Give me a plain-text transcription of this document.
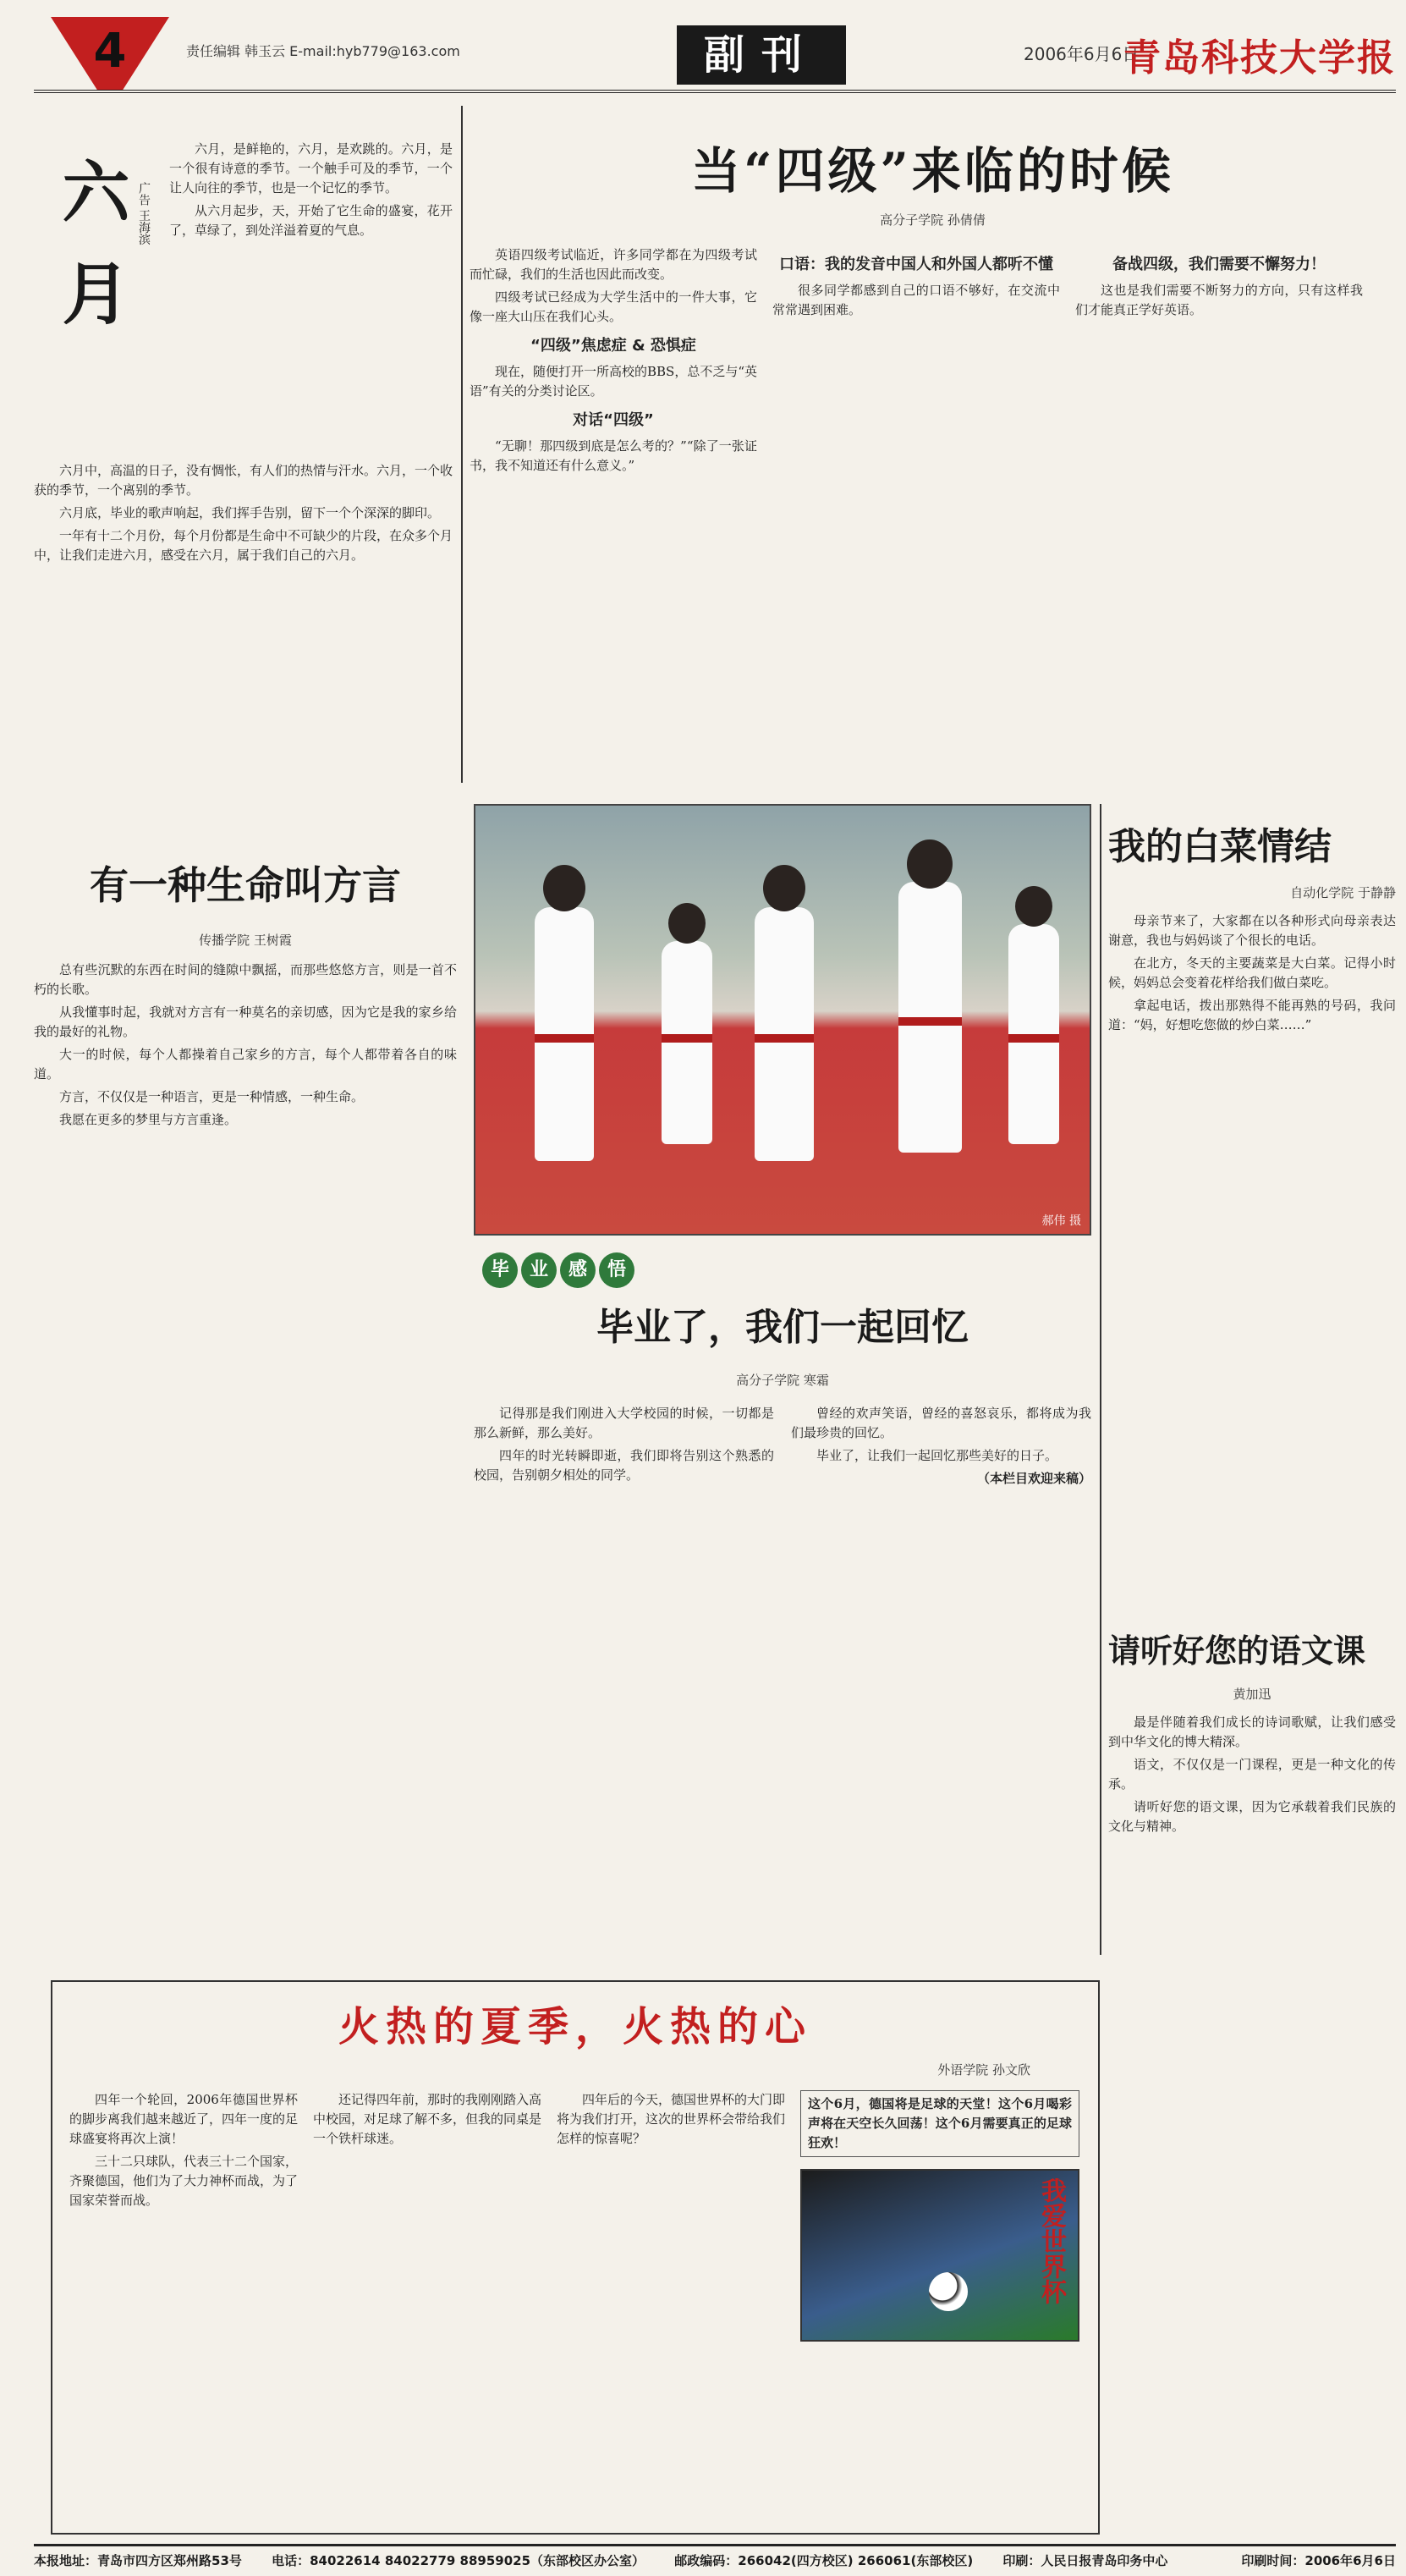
4	责任编辑 韩玉云 E-mail:hyb779@163.com	副刊	2006年6月6日
青岛科技大学报
六月 广告 王海滨

六月，是鲜艳的，六月，是欢跳的。六月，是一个很有诗意的季节。一个触手可及的季节，一个让人向往的季节，也是一个记忆的季节。

从六月起步，天，开始了它生命的盛宴，花开了，草绿了，到处洋溢着夏的气息。

六月中，高温的日子，没有惆怅，有人们的热情与汗水。六月，一个收获的季节，一个离别的季节。

六月底，毕业的歌声响起，我们挥手告别，留下一个个深深的脚印。

一年有十二个月份，每个月份都是生命中不可缺少的片段，在众多个月中，让我们走进六月，感受在六月，属于我们自己的六月。

当“四级”来临的时候
高分子学院 孙倩倩

英语四级考试临近，许多同学都在为四级考试而忙碌，我们的生活也因此而改变。

四级考试已经成为大学生活中的一件大事，它像一座大山压在我们心头。

“四级”焦虑症 & 恐惧症

现在，随便打开一所高校的BBS，总不乏与“英语”有关的分类讨论区。

对话“四级”

“无聊！那四级到底是怎么考的？”“除了一张证书，我不知道还有什么意义。”

口语：我的发音中国人和外国人都听不懂

很多同学都感到自己的口语不够好，在交流中常常遇到困难。

备战四级，我们需要不懈努力！

这也是我们需要不断努力的方向，只有这样我们才能真正学好英语。

有一种生命叫方言
传播学院 王树霞

总有些沉默的东西在时间的缝隙中飘摇，而那些悠悠方言，则是一首不朽的长歌。

从我懂事时起，我就对方言有一种莫名的亲切感，因为它是我的家乡给我的最好的礼物。

大一的时候，每个人都操着自己家乡的方言，每个人都带着各自的味道。

方言，不仅仅是一种语言，更是一种情感，一种生命。

我愿在更多的梦里与方言重逢。

郝伟 摄
毕 业 感 悟
毕业了，我们一起回忆
高分子学院 寒霜

记得那是我们刚进入大学校园的时候，一切都是那么新鲜，那么美好。

四年的时光转瞬即逝，我们即将告别这个熟悉的校园，告别朝夕相处的同学。

曾经的欢声笑语，曾经的喜怒哀乐，都将成为我们最珍贵的回忆。

毕业了，让我们一起回忆那些美好的日子。

（本栏目欢迎来稿）

我的白菜情结
自动化学院 于静静

母亲节来了，大家都在以各种形式向母亲表达谢意，我也与妈妈谈了个很长的电话。

在北方，冬天的主要蔬菜是大白菜。记得小时候，妈妈总会变着花样给我们做白菜吃。

拿起电话，拨出那熟得不能再熟的号码，我问道：“妈，好想吃您做的炒白菜……”

请听好您的语文课
黄加迅

最是伴随着我们成长的诗词歌赋，让我们感受到中华文化的博大精深。

语文，不仅仅是一门课程，更是一种文化的传承。

请听好您的语文课，因为它承载着我们民族的文化与精神。

火热的夏季，火热的心
外语学院 孙文欣

四年一个轮回，2006年德国世界杯的脚步离我们越来越近了，四年一度的足球盛宴将再次上演！

三十二只球队，代表三十二个国家，齐聚德国，他们为了大力神杯而战，为了国家荣誉而战。

还记得四年前，那时的我刚刚踏入高中校园，对足球了解不多，但我的同桌是一个铁杆球迷。

四年后的今天，德国世界杯的大门即将为我们打开，这次的世界杯会带给我们怎样的惊喜呢？

这个6月，德国将是足球的天堂！这个6月喝彩声将在天空长久回荡！这个6月需要真正的足球狂欢！
我爱世界杯
本报地址：青岛市四方区郑州路53号 电话：84022614 84022779 88959025（东部校区办公室） 邮政编码：266042(四方校区) 266061(东部校区) 印刷：人民日报青岛印务中心	印刷时间：2006年6月6日
